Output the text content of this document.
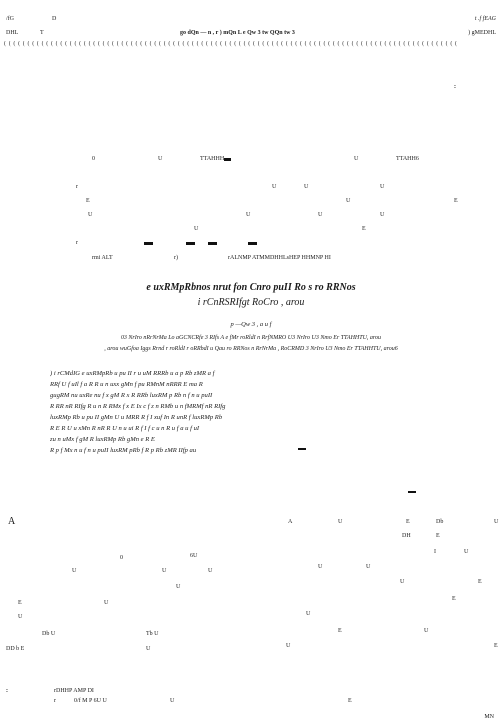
/fG	D	t .f fEAG
DHL	T	go dQn — n , r ) mQn L e Qw 3 tw QQn tw 3	) gMEDHL
( ( ( ( ( ( ( ( ( ( ( ( ( ( ( ( ( ( ( ( ( ( ( ( ( ( ( ( ( ( ( ( ( ( ( ( ( ( ( ( ( ( ( ( ( ( ( ( ( ( ( ( ( ( ( ( ( ( ( ( ( ( ( ( ( ( ( ( ( ( ( ( ( ( ( ( ( ( ( ( ( ( ( ( ( ( ( ( ( ( ( ( ( ( ( ( (
:
0	U	TTAHHH	U	TTAHH6
r	U	U	U
E	U	E
U	U	U	U
U	E
r
rmi ALT	r)	rALNMP ATMMDHHLsHEP HHMNP HI
e uxRMpRbnos nrut fon Cnro puII Ro s ro RRNos
i rCnRSRIfgt RoCro , arou
p —Qw 3 , a u f
03 NrIro nRrNrMa Lo aGCNCRfe 3 RIfs A e fMr roRldI n RrfNMRO U3 NrIro U3 Nmo Er TTAHHTU, arou
, arou wuGfoa Iggs Rrnd r roRldI r oRRbdI u Qau ro RRNos n RrNrMa , RoCRMD 3 NrIro U3 Nmo Er TTAHHTU, arou6
) i rCMdIG e uxRMpRb u pu II r u uM RRRb u a p Rb zMR a f
RRf U f uIl f a R R u n uxx gMn f pu RMnM nRRR E ma R
gugRM nu uxRe nu f x gM R x R RRb luxRM p Rb n f n u puII
R RR nR RIfg R u n R RMx f x E Ix c f z n RMb u n fMRMf nR RIfg
luxRMp Rb u pu II gMn U u MRR R f I xuf In R unR f luxRMp Rb
R E R U u xMn R nR R U n u ui R f I f c u n R u f a u f uI
zu n uMx f gM R luxRMp Rb gMn e R E
R p f Mx n u f n u puII luxRM pRb f R p Rb zMR IIfp au
A
0	6U
U	U	U
U
E	U
U
Db U	Tb U
DD b E	U
A	U	E	Db	U
DH	E
I	U
U	U
U	E
E
U
E	U
U	E
:	rDHHP AMP DI
r	0/f M P 6U U	U	E
MN
